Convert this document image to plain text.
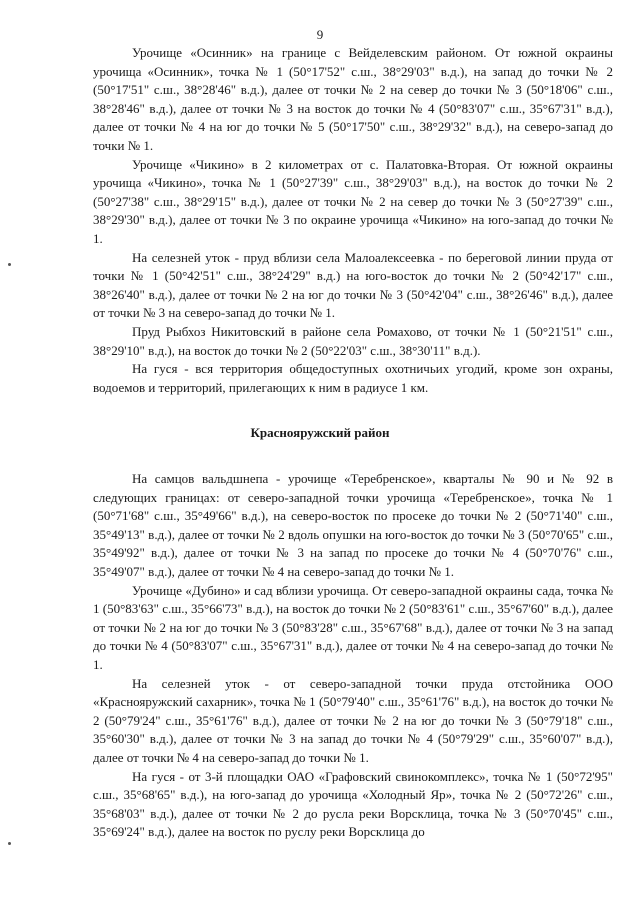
9

Урочище «Осинник» на границе с Вейделевским районом. От южной окраины урочища «Осинник», точка № 1 (50°17'52" с.ш., 38°29'03" в.д.), на запад до точки № 2 (50°17'51" с.ш., 38°28'46" в.д.), далее от точки № 2 на север до точки № 3 (50°18'06" с.ш., 38°28'46" в.д.), далее от точки № 3 на восток до точки № 4 (50°83'07" с.ш., 35°67'31" в.д.), далее от точки № 4 на юг до точки № 5 (50°17'50" с.ш., 38°29'32" в.д.), на северо-запад до точки № 1.

Урочище «Чикино» в 2 километрах от с. Палатовка-Вторая. От южной окраины урочища «Чикино», точка № 1 (50°27'39" с.ш., 38°29'03" в.д.), на восток до точки № 2 (50°27'38" с.ш., 38°29'15" в.д.), далее от точки № 2 на север до точки № 3 (50°27'39" с.ш., 38°29'30" в.д.), далее от точки № 3 по окраине урочища «Чикино» на юго-запад до точки № 1.

На селезней уток - пруд вблизи села Малоалексеевка - по береговой линии пруда от точки № 1 (50°42'51" с.ш., 38°24'29" в.д.) на юго-восток до точки № 2 (50°42'17" с.ш., 38°26'40" в.д.), далее от точки № 2 на юг до точки № 3 (50°42'04" с.ш., 38°26'46" в.д.), далее от точки № 3 на северо-запад до точки № 1.

Пруд Рыбхоз Никитовский в районе села Ромахово, от точки № 1 (50°21'51" с.ш., 38°29'10" в.д.), на восток до точки № 2 (50°22'03" с.ш., 38°30'11" в.д.).

На гуся - вся территория общедоступных охотничьих угодий, кроме зон охраны, водоемов и территорий, прилегающих к ним в радиусе 1 км.

Краснояружский район

На самцов вальдшнепа - урочище «Теребренское», кварталы № 90 и № 92 в следующих границах: от северо-западной точки урочища «Теребренское», точка № 1 (50°71'68" с.ш., 35°49'66" в.д.), на северо-восток по просеке до точки № 2 (50°71'40" с.ш., 35°49'13" в.д.), далее от точки № 2 вдоль опушки на юго-восток до точки № 3 (50°70'65" с.ш., 35°49'92" в.д.), далее от точки № 3 на запад по просеке до точки № 4 (50°70'76" с.ш., 35°49'07" в.д.), далее от точки № 4 на северо-запад до точки № 1.

Урочище «Дубино» и сад вблизи урочища. От северо-западной окраины сада, точка № 1 (50°83'63" с.ш., 35°66'73" в.д.), на восток до точки № 2 (50°83'61" с.ш., 35°67'60" в.д.), далее от точки № 2 на юг до точки № 3 (50°83'28" с.ш., 35°67'68" в.д.), далее от точки № 3 на запад до точки № 4 (50°83'07" с.ш., 35°67'31" в.д.), далее от точки № 4 на северо-запад до точки № 1.

На селезней уток - от северо-западной точки пруда отстойника ООО «Краснояружский сахарник», точка № 1 (50°79'40" с.ш., 35°61'76" в.д.), на восток до точки № 2 (50°79'24" с.ш., 35°61'76" в.д.), далее от точки № 2 на юг до точки № 3 (50°79'18" с.ш., 35°60'30" в.д.), далее от точки № 3 на запад до точки № 4 (50°79'29" с.ш., 35°60'07" в.д.), далее от точки № 4 на северо-запад до точки № 1.

На гуся - от 3-й площадки ОАО «Графовский свинокомплекс», точка № 1 (50°72'95" с.ш., 35°68'65" в.д.), на юго-запад до урочища «Холодный Яр», точка № 2 (50°72'26" с.ш., 35°68'03" в.д.), далее от точки № 2 до русла реки Ворсклица, точка № 3 (50°70'45" с.ш., 35°69'24" в.д.), далее на восток по руслу реки Ворсклица до
